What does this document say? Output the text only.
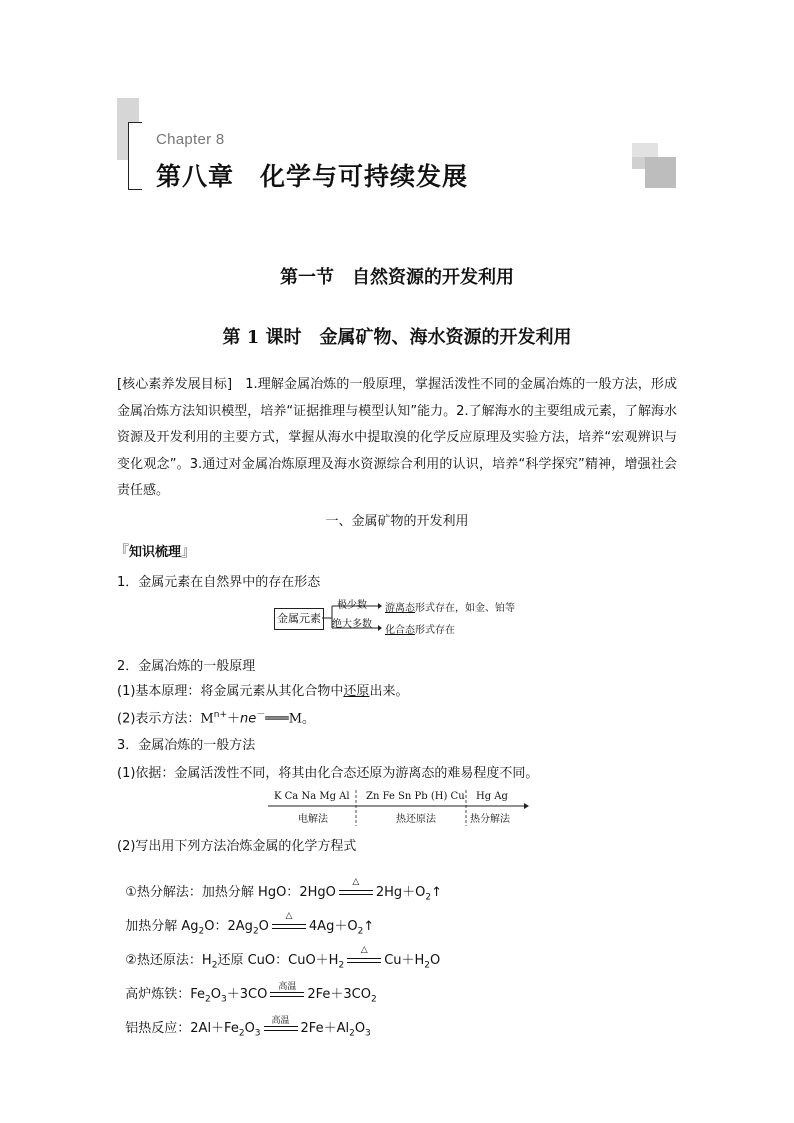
Chapter 8
第八章　化学与可持续发展
第一节　自然资源的开发利用
第 1 课时　金属矿物、海水资源的开发利用
[核心素养发展目标]　1.理解金属冶炼的一般原理，掌握活泼性不同的金属冶炼的一般方法，形成金属冶炼方法知识模型，培养“证据推理与模型认知”能力。2.了解海水的主要组成元素，了解海水资源及开发利用的主要方式，掌握从海水中提取溴的化学反应原理及实验方法，培养“宏观辨识与变化观念”。3.通过对金属冶炼原理及海水资源综合利用的认识，培养“科学探究”精神，增强社会责任感。
一、金属矿物的开发利用
『知识梳理』
1．金属元素在自然界中的存在形态
金属元素
极少数
绝大多数
游离态形式存在，如金、铂等
化合态形式存在
2．金属冶炼的一般原理
(1)基本原理：将金属元素从其化合物中还原出来。
(2)表示方法：$M^{n+}+ne^-═══M$。
3．金属冶炼的一般方法
(1)依据：金属活泼性不同，将其由化合态还原为游离态的难易程度不同。
K Ca Na Mg Al Zn Fe Sn Pb (H) Cu Hg Ag
电解法	热还原法	热分解法
(2)写出用下列方法冶炼金属的化学方程式

①热分解法：加热分解 HgO：2HgO
△
$2Hg+O_2↑$

加热分解 $Ag_2O$：$2Ag_2O$
△
$4Ag+O_2↑$

②热还原法：$H_2$还原 CuO：$CuO+H_2$
△
$Cu+H_2O$

高炉炼铁：$Fe_2O_3+3CO$
高温
$2Fe+3CO_2$

铝热反应：$2Al+Fe_2O_3$
高温
$2Fe+Al_2O_3$
